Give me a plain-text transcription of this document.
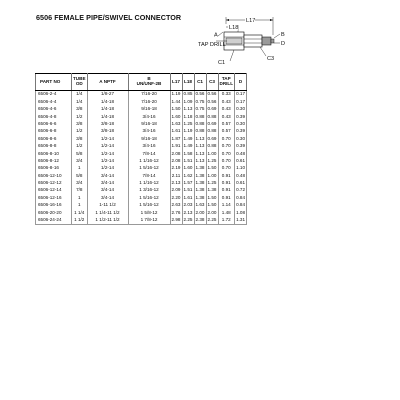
6506 FEMALE PIPE/SWIVEL CONNECTOR	L17
L18
TAP DRILL
A	B
D
C1
C3
PART NO	TUBE
OD	A NPTF	B
UN/UNF-2B	L17	L18	C1	C3	TAP
DRILL	D
6506-2-4	1/4	1/8-27	7/16-20	1.19	0.85	0.56	0.56	0.33	0.17
6506-4-4	1/4	1/4-18	7/16-20	1.44	1.09	0.75	0.56	0.43	0.17
6506-4-6	3/8	1/4-18	9/16-18	1.50	1.13	0.75	0.69	0.43	0.30
6506-4-8	1/2	1/4-18	3/4-16	1.60	1.18	0.88	0.88	0.43	0.39
6506-6-6	3/8	3/8-18	9/16-18	1.63	1.25	0.88	0.69	0.57	0.30
6506-6-8	1/2	3/8-18	3/4-16	1.61	1.19	0.88	0.88	0.57	0.39
6506-8-6	3/8	1/2-14	9/16-18	1.87	1.49	1.13	0.69	0.70	0.30
6506-8-8	1/2	1/2-14	3/4-16	1.91	1.49	1.13	0.88	0.70	0.39
6506-8-10	5/8	1/2-14	7/8-14	2.08	1.58	1.13	1.00	0.70	0.48
6506-8-12	3/4	1/2-14	1 1/16-12	2.08	1.51	1.13	1.25	0.70	0.61
6506-8-16	1	1/2-14	1 5/16-12	2.19	1.60	1.38	1.50	0.70	1.10
6506-12-10	5/8	3/4-14	7/8-14	2.11	1.62	1.38	1.00	0.91	0.48
6506-12-12	3/4	3/4-14	1 1/16-12	2.13	1.57	1.38	1.25	0.91	0.61
6506-12-14	7/8	3/4-14	1 3/16-12	2.09	1.51	1.38	1.38	0.91	0.72
6506-12-16	1	3/4-14	1 5/16-12	2.20	1.61	1.38	1.50	0.91	0.84
6506-16-16	1	1-11 1/2	1 5/16-12	2.63	2.03	1.63	1.50	1.14	0.84
6506-20-20	1 1/4	1 1/4-11 1/2	1 5/8-12	2.76	2.13	2.00	2.00	1.48	1.08
6506-24-24	1 1/2	1 1/2-11 1/2	1 7/8-12	2.98	2.25	2.38	2.25	1.72	1.31
